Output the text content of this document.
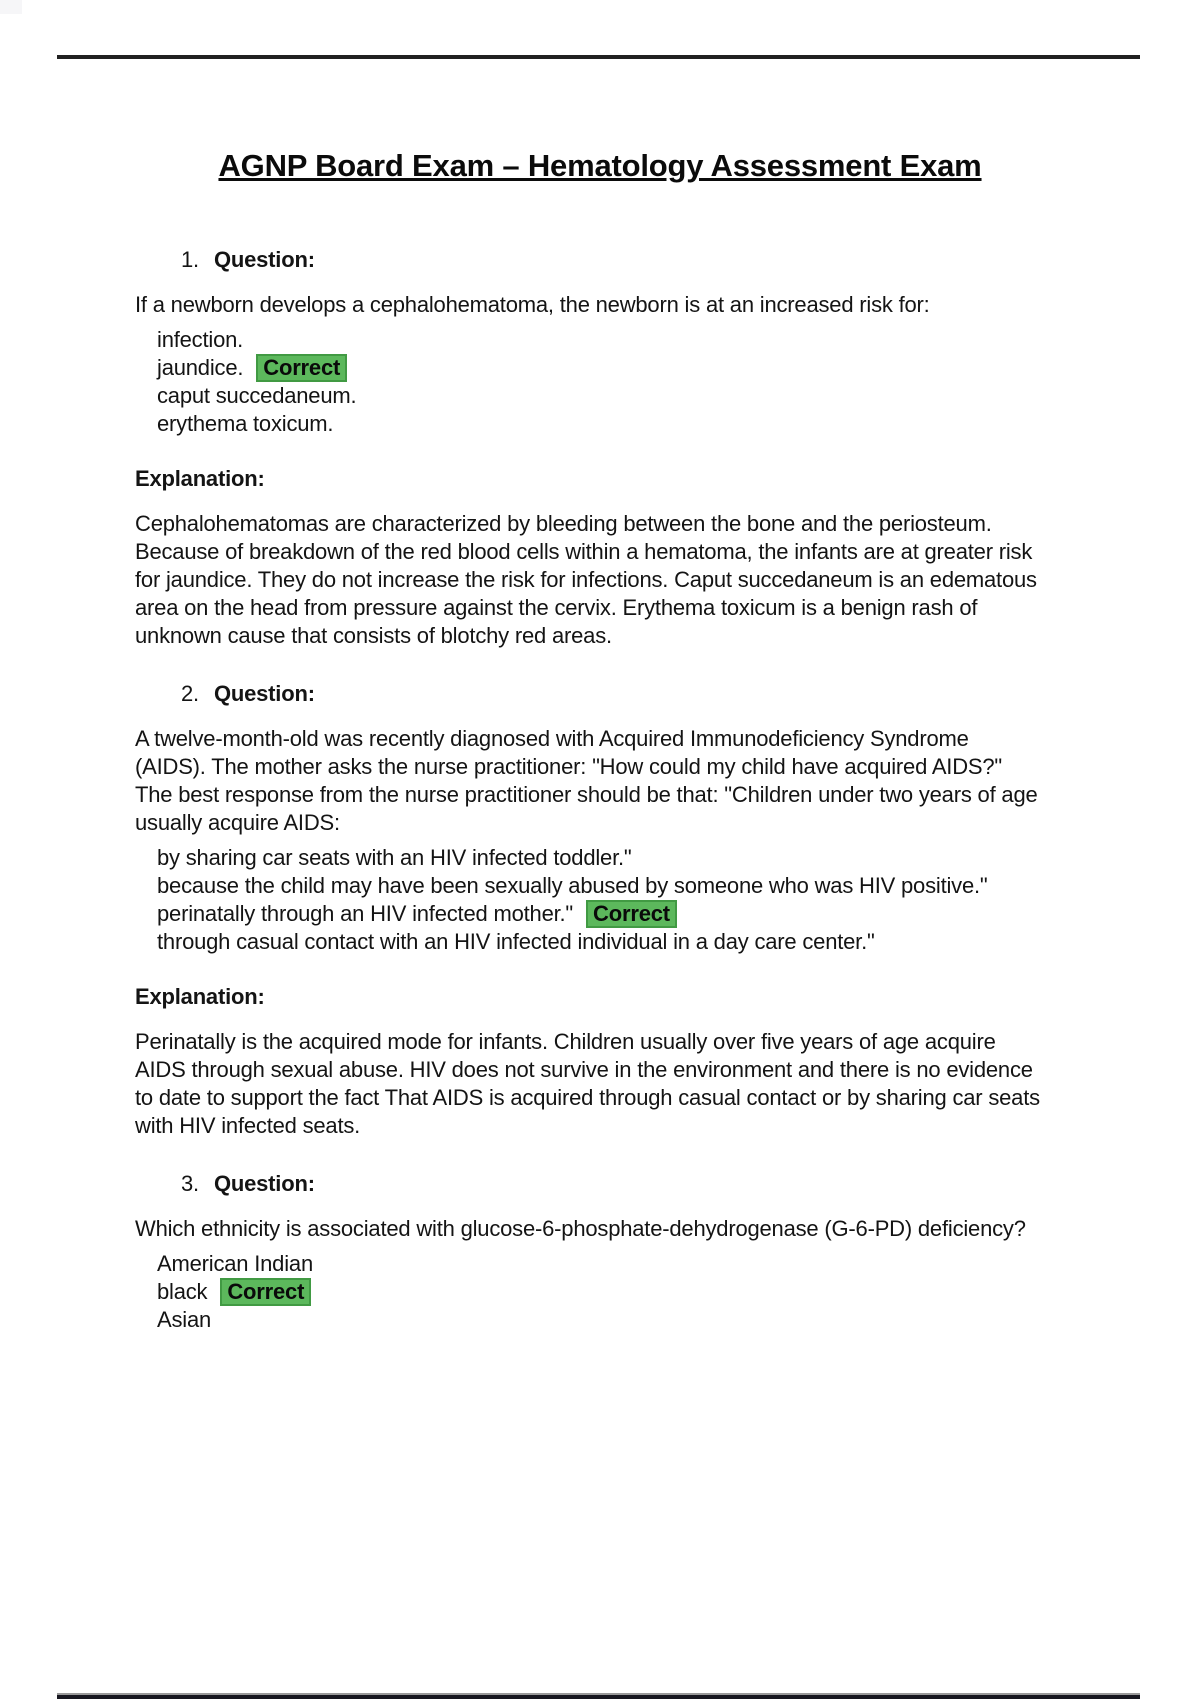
AGNP Board Exam – Hematology Assessment Exam
1. Question:

If a newborn develops a cephalohematoma, the newborn is at an increased risk for:

infection.

jaundice. Correct

caput succedaneum.

erythema toxicum.

Explanation:

Cephalohematomas are characterized by bleeding between the bone and the periosteum. Because of breakdown of the red blood cells within a hematoma, the infants are at greater risk for jaundice. They do not increase the risk for infections. Caput succedaneum is an edematous area on the head from pressure against the cervix. Erythema toxicum is a benign rash of unknown cause that consists of blotchy red areas.

2. Question:

A twelve-month-old was recently diagnosed with Acquired Immunodeficiency Syndrome (AIDS). The mother asks the nurse practitioner: "How could my child have acquired AIDS?" The best response from the nurse practitioner should be that: "Children under two years of age usually acquire AIDS:

by sharing car seats with an HIV infected toddler."

because the child may have been sexually abused by someone who was HIV positive."

perinatally through an HIV infected mother." Correct

through casual contact with an HIV infected individual in a day care center."

Explanation:

Perinatally is the acquired mode for infants. Children usually over five years of age acquire AIDS through sexual abuse. HIV does not survive in the environment and there is no evidence to date to support the fact That AIDS is acquired through casual contact or by sharing car seats with HIV infected seats.

3. Question:

Which ethnicity is associated with glucose-6-phosphate-dehydrogenase (G-6-PD) deficiency?

American Indian

black Correct

Asian
